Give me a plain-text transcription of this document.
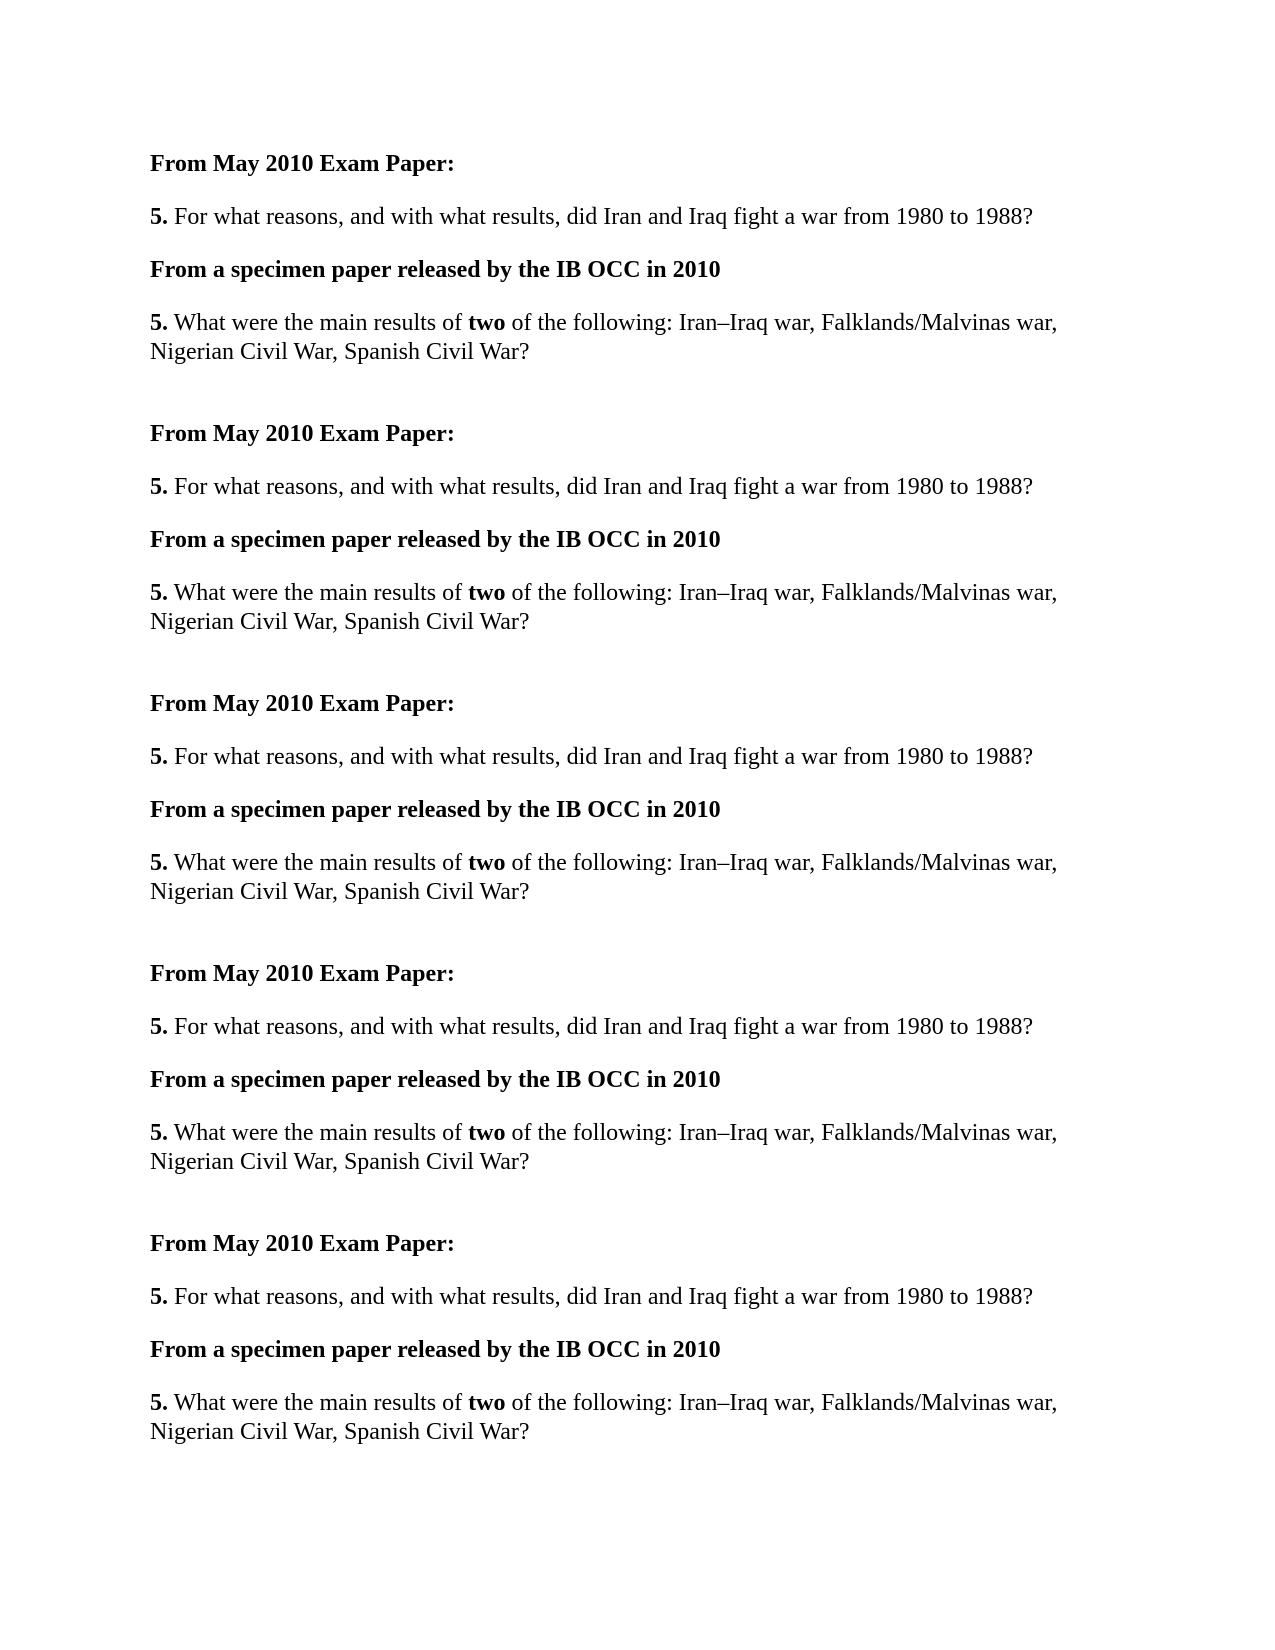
From May 2010 Exam Paper:

5. For what reasons, and with what results, did Iran and Iraq fight a war from 1980 to 1988?

From a specimen paper released by the IB OCC in 2010

5. What were the main results of two of the following: Iran–Iraq war, Falklands/Malvinas war,

Nigerian Civil War, Spanish Civil War?

From May 2010 Exam Paper:

5. For what reasons, and with what results, did Iran and Iraq fight a war from 1980 to 1988?

From a specimen paper released by the IB OCC in 2010

5. What were the main results of two of the following: Iran–Iraq war, Falklands/Malvinas war,

Nigerian Civil War, Spanish Civil War?

From May 2010 Exam Paper:

5. For what reasons, and with what results, did Iran and Iraq fight a war from 1980 to 1988?

From a specimen paper released by the IB OCC in 2010

5. What were the main results of two of the following: Iran–Iraq war, Falklands/Malvinas war,

Nigerian Civil War, Spanish Civil War?

From May 2010 Exam Paper:

5. For what reasons, and with what results, did Iran and Iraq fight a war from 1980 to 1988?

From a specimen paper released by the IB OCC in 2010

5. What were the main results of two of the following: Iran–Iraq war, Falklands/Malvinas war,

Nigerian Civil War, Spanish Civil War?

From May 2010 Exam Paper:

5. For what reasons, and with what results, did Iran and Iraq fight a war from 1980 to 1988?

From a specimen paper released by the IB OCC in 2010

5. What were the main results of two of the following: Iran–Iraq war, Falklands/Malvinas war,

Nigerian Civil War, Spanish Civil War?
